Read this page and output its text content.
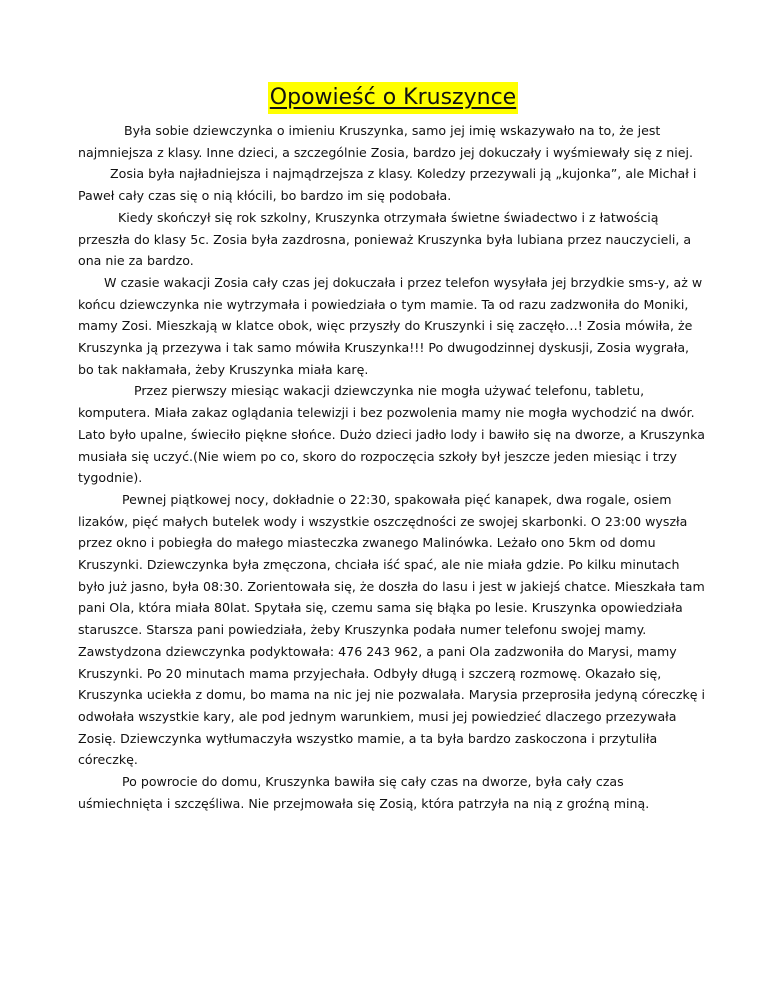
Opowieść o Kruszynce

Była sobie dziewczynka o imieniu Kruszynka, samo jej imię wskazywało na to, że jest najmniejsza z klasy. Inne dzieci, a szczególnie Zosia, bardzo jej dokuczały i wyśmiewały się z niej.

Zosia była najładniejsza i najmądrzejsza z klasy. Koledzy przezywali ją „kujonka”, ale Michał i Paweł cały czas się o nią kłócili, bo bardzo im się podobała.

Kiedy skończył się rok szkolny, Kruszynka otrzymała świetne świadectwo i z łatwością przeszła do klasy 5c. Zosia była zazdrosna, ponieważ Kruszynka była lubiana przez nauczycieli, a ona nie za bardzo.

W czasie wakacji Zosia cały czas jej dokuczała i przez telefon wysyłała jej brzydkie sms-y, aż w końcu dziewczynka nie wytrzymała i powiedziała o tym mamie. Ta od razu zadzwoniła do Moniki, mamy Zosi. Mieszkają w klatce obok, więc przyszły do Kruszynki i się zaczęło…! Zosia mówiła, że Kruszynka ją przezywa i tak samo mówiła Kruszynka!!! Po dwugodzinnej dyskusji, Zosia wygrała, bo tak nakłamała, żeby Kruszynka miała karę.

Przez pierwszy miesiąc wakacji dziewczynka nie mogła używać telefonu, tabletu, komputera. Miała zakaz oglądania telewizji i bez pozwolenia mamy nie mogła wychodzić na dwór. Lato było upalne, świeciło piękne słońce. Dużo dzieci jadło lody i bawiło się na dworze, a Kruszynka musiała się uczyć.(Nie wiem po co, skoro do rozpoczęcia szkoły był jeszcze jeden miesiąc i trzy tygodnie).

Pewnej piątkowej nocy, dokładnie o 22:30, spakowała pięć kanapek, dwa rogale, osiem lizaków, pięć małych butelek wody i wszystkie oszczędności ze swojej skarbonki. O 23:00 wyszła przez okno i pobiegła do małego miasteczka zwanego Malinówka. Leżało ono 5km od domu Kruszynki. Dziewczynka była zmęczona, chciała iść spać, ale nie miała gdzie. Po kilku minutach było już jasno, była 08:30. Zorientowała się, że doszła do lasu i jest w jakiejś chatce. Mieszkała tam pani Ola, która miała 80lat. Spytała się, czemu sama się błąka po lesie. Kruszynka opowiedziała staruszce. Starsza pani powiedziała, żeby Kruszynka podała numer telefonu swojej mamy. Zawstydzona dziewczynka podyktowała: 476 243 962, a pani Ola zadzwoniła do Marysi, mamy Kruszynki. Po 20 minutach mama przyjechała. Odbyły długą i szczerą rozmowę. Okazało się, Kruszynka uciekła z domu, bo mama na nic jej nie pozwalała. Marysia przeprosiła jedyną córeczkę i odwołała wszystkie kary, ale pod jednym warunkiem, musi jej powiedzieć dlaczego przezywała Zosię. Dziewczynka wytłumaczyła wszystko mamie, a ta była bardzo zaskoczona i przytuliła córeczkę.

Po powrocie do domu, Kruszynka bawiła się cały czas na dworze, była cały czas uśmiechnięta i szczęśliwa. Nie przejmowała się Zosią, która patrzyła na nią z groźną miną.
